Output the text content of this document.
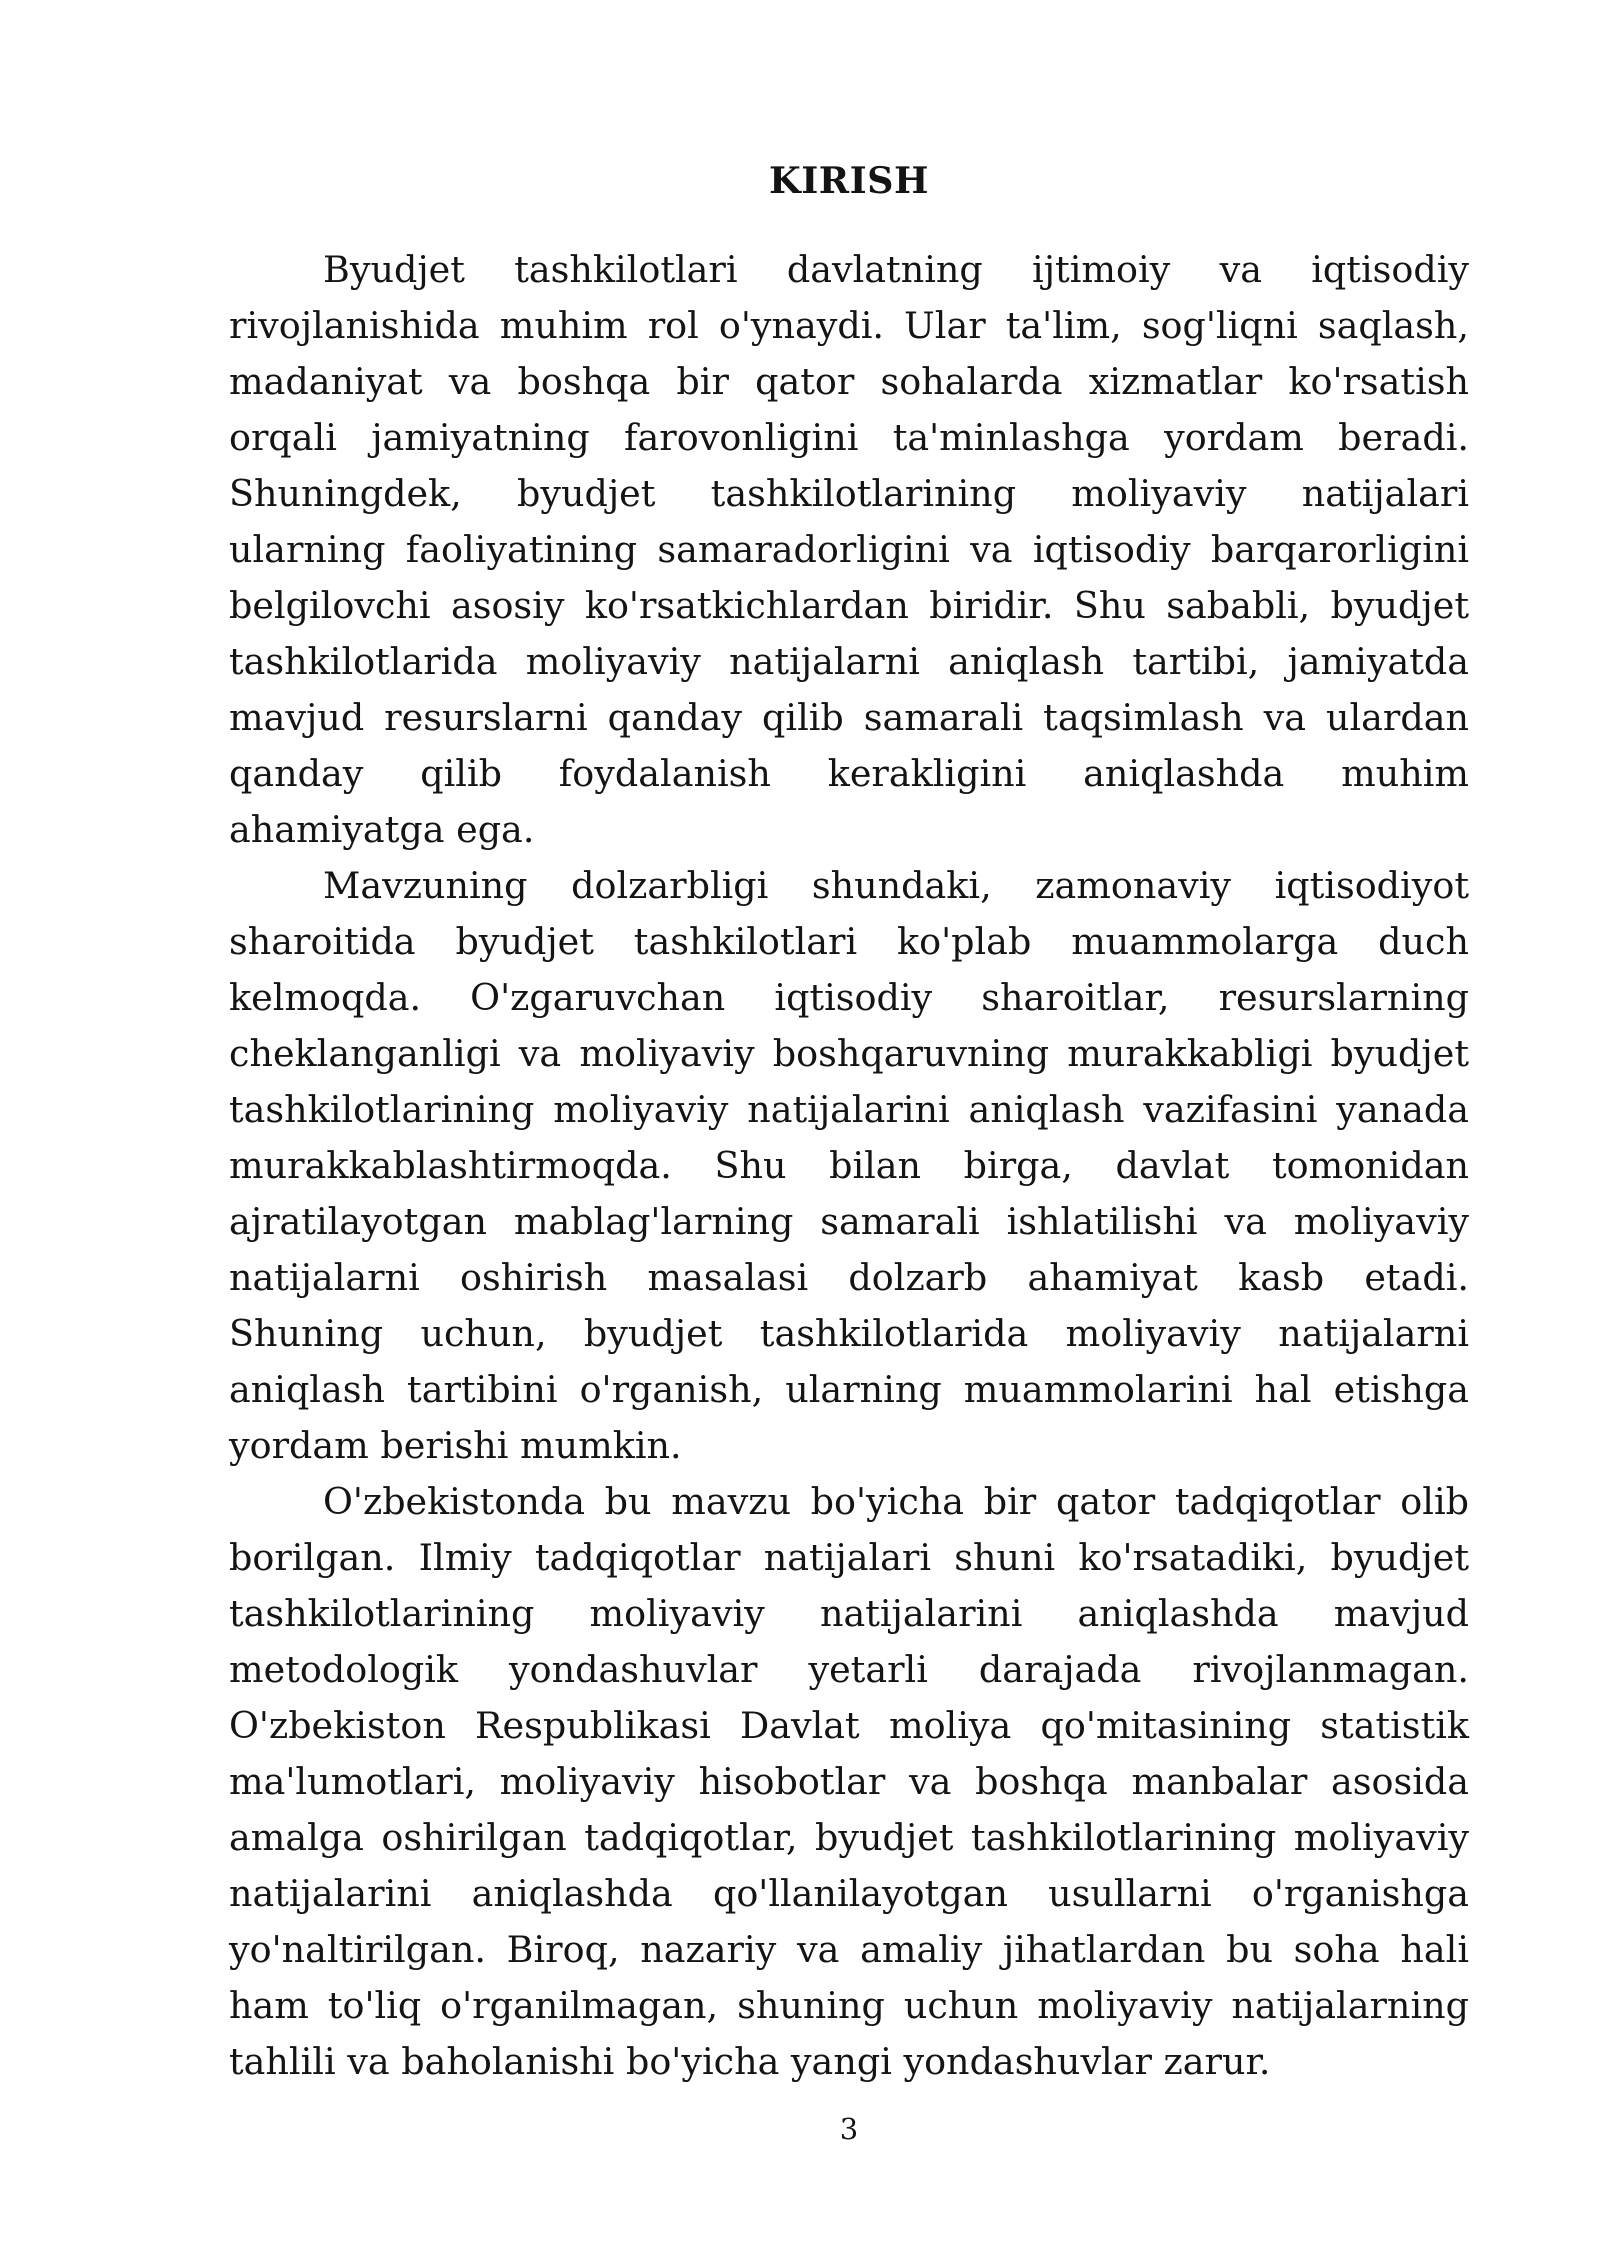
KIRISH
Byudjet tashkilotlari davlatning ijtimoiy va iqtisodiy
rivojlanishida muhim rol o'ynaydi. Ular ta'lim, sog'liqni saqlash,
madaniyat va boshqa bir qator sohalarda xizmatlar ko'rsatish
orqali jamiyatning farovonligini ta'minlashga yordam beradi.
Shuningdek, byudjet tashkilotlarining moliyaviy natijalari
ularning faoliyatining samaradorligini va iqtisodiy barqarorligini
belgilovchi asosiy ko'rsatkichlardan biridir. Shu sababli, byudjet
tashkilotlarida moliyaviy natijalarni aniqlash tartibi, jamiyatda
mavjud resurslarni qanday qilib samarali taqsimlash va ulardan
qanday qilib foydalanish kerakligini aniqlashda muhim
ahamiyatga ega.
Mavzuning dolzarbligi shundaki, zamonaviy iqtisodiyot
sharoitida byudjet tashkilotlari ko'plab muammolarga duch
kelmoqda. O'zgaruvchan iqtisodiy sharoitlar, resurslarning
cheklanganligi va moliyaviy boshqaruvning murakkabligi byudjet
tashkilotlarining moliyaviy natijalarini aniqlash vazifasini yanada
murakkablashtirmoqda. Shu bilan birga, davlat tomonidan
ajratilayotgan mablag'larning samarali ishlatilishi va moliyaviy
natijalarni oshirish masalasi dolzarb ahamiyat kasb etadi.
Shuning uchun, byudjet tashkilotlarida moliyaviy natijalarni
aniqlash tartibini o'rganish, ularning muammolarini hal etishga
yordam berishi mumkin.
O'zbekistonda bu mavzu bo'yicha bir qator tadqiqotlar olib
borilgan. Ilmiy tadqiqotlar natijalari shuni ko'rsatadiki, byudjet
tashkilotlarining moliyaviy natijalarini aniqlashda mavjud
metodologik yondashuvlar yetarli darajada rivojlanmagan.
O'zbekiston Respublikasi Davlat moliya qo'mitasining statistik
ma'lumotlari, moliyaviy hisobotlar va boshqa manbalar asosida
amalga oshirilgan tadqiqotlar, byudjet tashkilotlarining moliyaviy
natijalarini aniqlashda qo'llanilayotgan usullarni o'rganishga
yo'naltirilgan. Biroq, nazariy va amaliy jihatlardan bu soha hali
ham to'liq o'rganilmagan, shuning uchun moliyaviy natijalarning
tahlili va baholanishi bo'yicha yangi yondashuvlar zarur.
3
